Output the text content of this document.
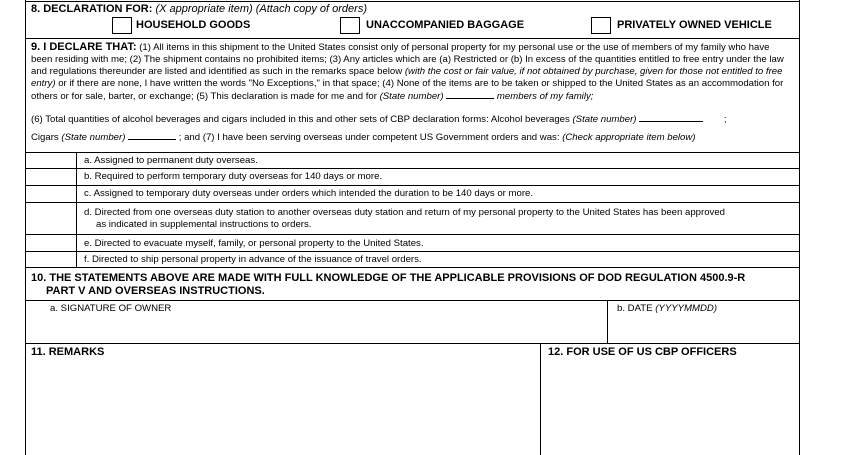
8. DECLARATION FOR: (X appropriate item) (Attach copy of orders)
HOUSEHOLD GOODS	UNACCOMPANIED BAGGAGE	PRIVATELY OWNED VEHICLE
9. I DECLARE THAT: (1) All items in this shipment to the United States consist only of personal property for my personal use or the use of members of my family who have been residing with me; (2) The shipment contains no prohibited items; (3) Any articles which are (a) Restricted or (b) In excess of the quantities entitled to free entry under the law and regulations thereunder are listed and identified as such in the remarks space below (with the cost or fair value, if not obtained by purchase, given for those not entitled to free entry) or if there are none, I have written the words "No Exceptions," in that space; (4) None of the items are to be taken or shipped to the United States as an accommodation for others or for sale, barter, or exchange; (5) This declaration is made for me and for (State number)	members of my family;
(6) Total quantities of alcohol beverages and cigars included in this and other sets of CBP declaration forms: Alcohol beverages (State number)	;
Cigars (State number)	; and (7) I have been serving overseas under competent US Government orders and was: (Check appropriate item below)
a. Assigned to permanent duty overseas.
b. Required to perform temporary duty overseas for 140 days or more.
c. Assigned to temporary duty overseas under orders which intended the duration to be 140 days or more.
d. Directed from one overseas duty station to another overseas duty station and return of my personal property to the United States has been approved
as indicated in supplemental instructions to orders.
e. Directed to evacuate myself, family, or personal property to the United States.
f. Directed to ship personal property in advance of the issuance of travel orders.
10. THE STATEMENTS ABOVE ARE MADE WITH FULL KNOWLEDGE OF THE APPLICABLE PROVISIONS OF DOD REGULATION 4500.9-R
PART V AND OVERSEAS INSTRUCTIONS.
a. SIGNATURE OF OWNER	b. DATE (YYYYMMDD)
11. REMARKS	12. FOR USE OF US CBP OFFICERS
